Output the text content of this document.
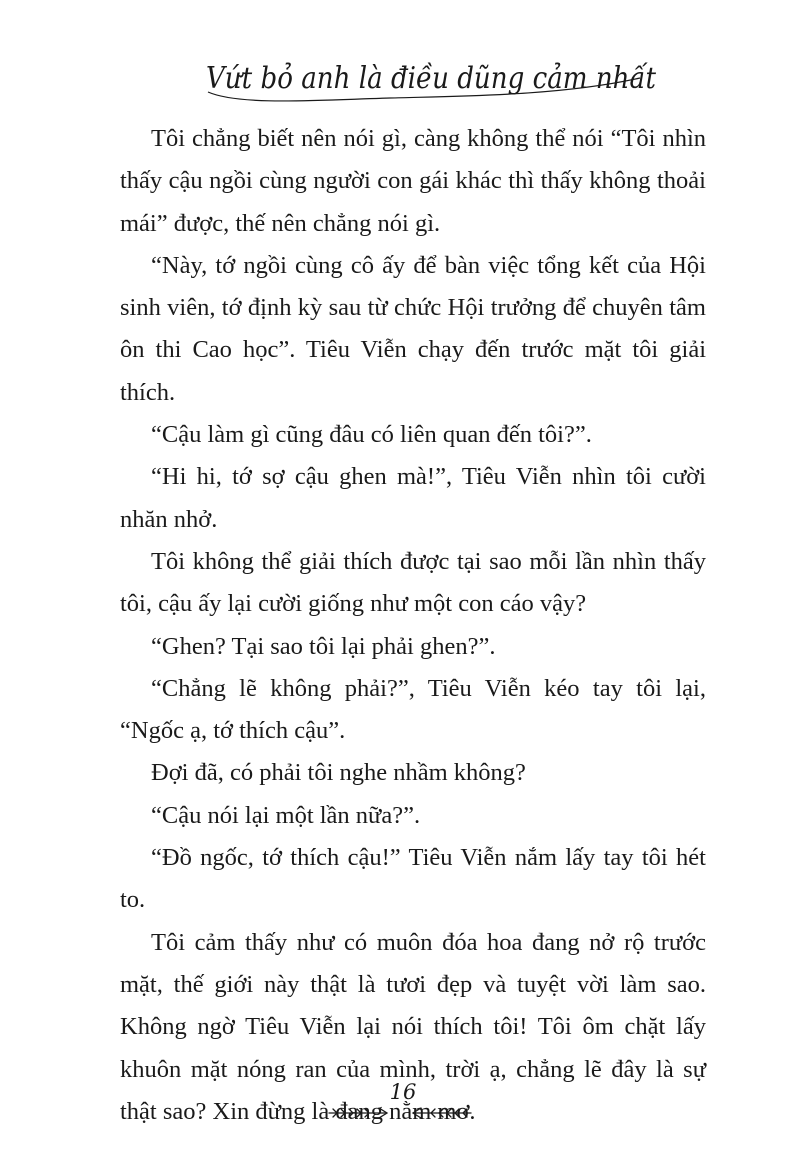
Vứt bỏ anh là điều dũng cảm nhất

Tôi chẳng biết nên nói gì, càng không thể nói “Tôi nhìn thấy cậu ngồi cùng người con gái khác thì thấy không thoải mái” được, thế nên chẳng nói gì.

“Này, tớ ngồi cùng cô ấy để bàn việc tổng kết của Hội sinh viên, tớ định kỳ sau từ chức Hội trưởng để chuyên tâm ôn thi Cao học”. Tiêu Viễn chạy đến trước mặt tôi giải thích.

“Cậu làm gì cũng đâu có liên quan đến tôi?”.

“Hi hi, tớ sợ cậu ghen mà!”, Tiêu Viễn nhìn tôi cười nhăn nhở.

Tôi không thể giải thích được tại sao mỗi lần nhìn thấy tôi, cậu ấy lại cười giống như một con cáo vậy?

“Ghen? Tại sao tôi lại phải ghen?”.

“Chẳng lẽ không phải?”, Tiêu Viễn kéo tay tôi lại, “Ngốc ạ, tớ thích cậu”.

Đợi đã, có phải tôi nghe nhầm không?

“Cậu nói lại một lần nữa?”.

“Đồ ngốc, tớ thích cậu!” Tiêu Viễn nắm lấy tay tôi hét to.

Tôi cảm thấy như có muôn đóa hoa đang nở rộ trước mặt, thế giới này thật là tươi đẹp và tuyệt vời làm sao. Không ngờ Tiêu Viễn lại nói thích tôi! Tôi ôm chặt lấy khuôn mặt nóng ran của mình, trời ạ, chẳng lẽ đây là sự thật sao? Xin đừng là đang nằm mơ.

16
